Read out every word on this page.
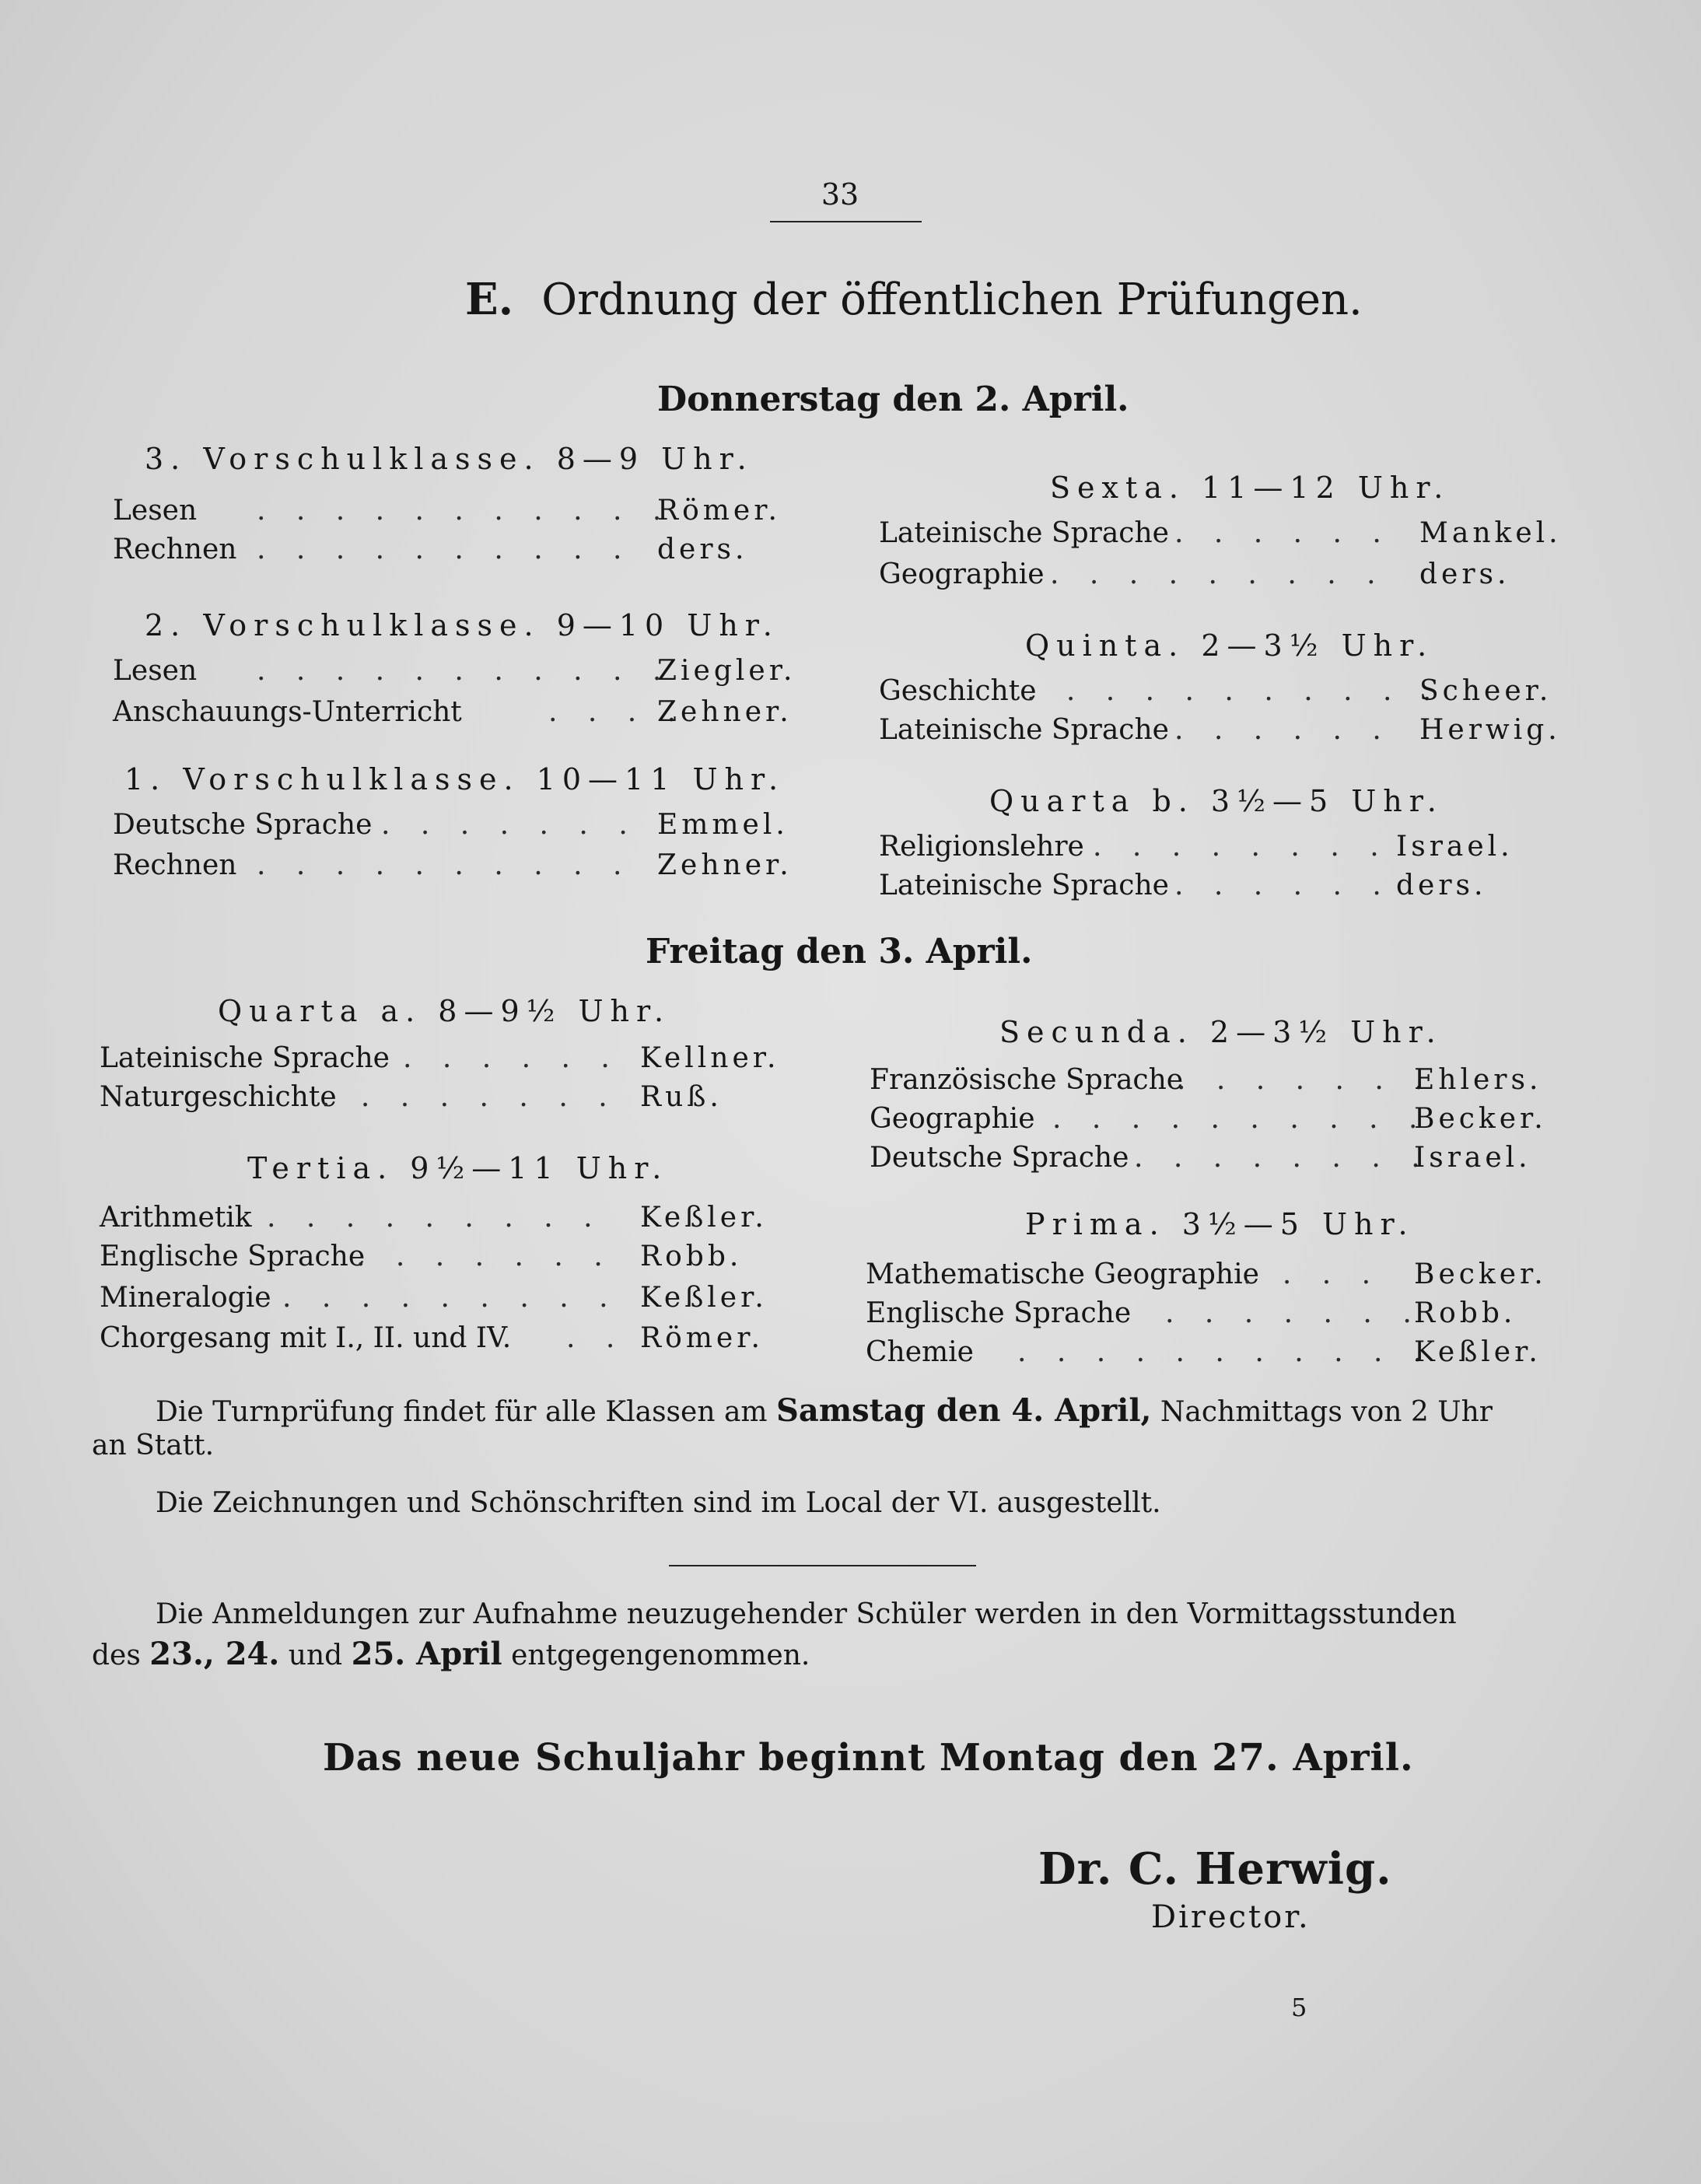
33
E. Ordnung der öffentlichen Prüfungen.
Donnerstag den 2. April.
3. Vorschulklasse. 8—9 Uhr.
Lesen . . . . . . . . . . .
Römer.
Rechnen . . . . . . . . . . ders.
2. Vorschulklasse. 9—10 Uhr.
Lesen . . . . . . . . . . .
Ziegler.
Anschauungs-Unterricht	. . . .
Zehner.
1. Vorschulklasse. 10—11 Uhr.
Deutsche Sprache . . . . . . . Emmel.
Rechnen . . . . . . . . . . Zehner.
Sexta. 11—12 Uhr.
Lateinische Sprache . . . . . . Mankel.
Geographie . . . . . . . . . ders.
Quinta. 2—3½ Uhr.
Geschichte
. . . . . . . . . . .
Scheer.
Lateinische Sprache . . . . . . Herwig.
Quarta b. 3½—5 Uhr.
Religionslehre . . . . . . . . Israel.
Lateinische Sprache . . . . . . ders.
Freitag den 3. April.
Quarta a. 8—9½ Uhr.
Lateinische Sprache . . . . . . Kellner.
Naturgeschichte
. . . . . . . . Ruß.
Tertia. 9½—11 Uhr.
Arithmetik . . . . . . . . . Keßler.
Englische Sprache
. . . . . . . Robb.
Mineralogie . . . . . . . . . Keßler.
Chorgesang mit I., II. und IV. . . Römer.
Secunda. 2—3½ Uhr.
Französische Sprache
. . . . . . .
Ehlers.
Geographie . . . . . . . . . .
Becker.
Deutsche Sprache . . . . . . . .
Israel.
Prima. 3½—5 Uhr.
Mathematische Geographie
. . . . Becker.
Englische Sprache . . . . . . .
Robb.
Chemie . . . . . . . . . . .
Keßler.
Die Turnprüfung findet für alle Klassen am Samstag den 4. April, Nachmittags von 2 Uhr
an Statt.
Die Zeichnungen und Schönschriften sind im Local der VI. ausgestellt.
Die Anmeldungen zur Aufnahme neuzugehender Schüler werden in den Vormittagsstunden
des 23., 24. und 25. April entgegengenommen.
Das neue Schuljahr beginnt Montag den 27. April.
Dr. C. Herwig.
Director.
5
